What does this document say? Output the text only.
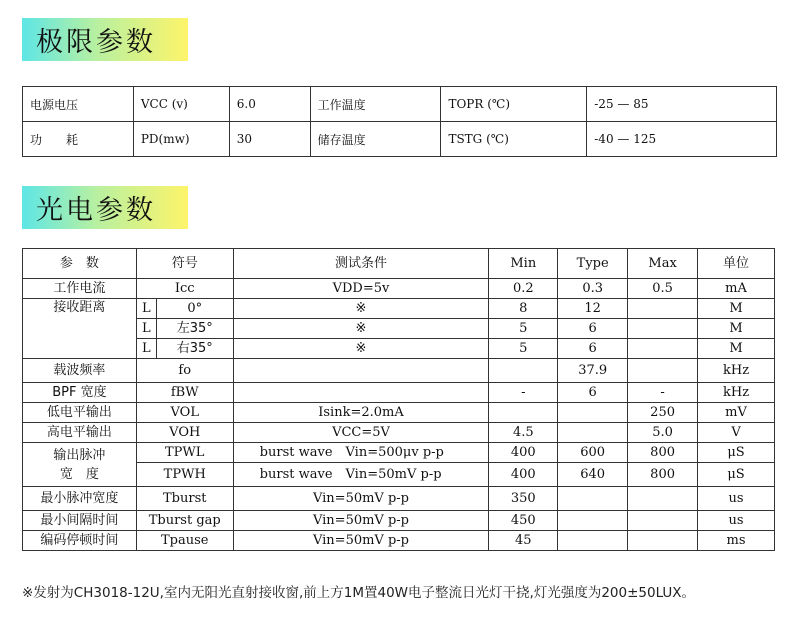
极限参数
电源电压	VCC (v)	6.0	工作温度	TOPR (℃)	-25 — 85
功　　耗	PD(mw)	30	储存温度	TSTG (℃)	-40 — 125
光电参数
参　数	符号		测试条件	Min	Type	Max	单位
工作电流	Icc		VDD=5v	0.2	0.3	0.5	mA
接收距离	L	0°	※	8	12		M
	L	左35°	※	5	6		M
	L	右35°	※	5	6		M
载波频率	fo				37.9		kHz
BPF 宽度	fBW			-	6	-	kHz
低电平输出	VOL		Isink=2.0mA			250	mV
高电平输出	VOH		VCC=5V	4.5		5.0	V
输出脉冲
宽　度	TPWL		burst wave　Vin=500μv p-p	400	600	800	μS
	TPWH		burst wave　Vin=50mV p-p	400	640	800	μS
最小脉冲宽度	Tburst		Vin=50mV p-p	350			us
最小间隔时间	Tburst gap		Vin=50mV p-p	450			us
编码停顿时间	Tpause		Vin=50mV p-p	45			ms
※发射为CH3018-12U,室内无阳光直射接收窗,前上方1M置40W电子整流日光灯干挠,灯光强度为200±50LUX。
